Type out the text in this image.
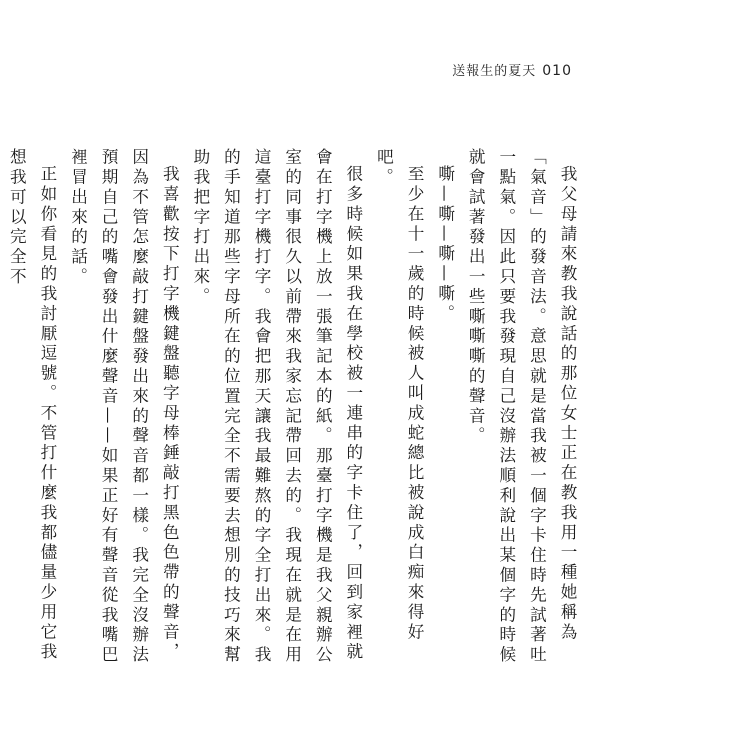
送報生的夏天 010

我父母請來教我說話的那位女士正在教我用一種她稱為「氣音」的發音法。意思就是當我被一個字卡住時先試著吐一點氣。因此只要我發現自己沒辦法順利說出某個字的時候就會試著發出一些嘶嘶嘶的聲音。

嘶—嘶—嘶—嘶。

至少在十一歲的時候被人叫成蛇總比被說成白痴來得好吧。

很多時候如果我在學校被一連串的字卡住了，回到家裡就會在打字機上放一張筆記本的紙。那臺打字機是我父親辦公室的同事很久以前帶來我家忘記帶回去的。我現在就是在用這臺打字機打字。我會把那天讓我最難熬的字全打出來。我的手知道那些字母所在的位置完全不需要去想別的技巧來幫助我把字打出來。

我喜歡按下打字機鍵盤聽字母棒錘敲打黑色色帶的聲音，因為不管怎麼敲打鍵盤發出來的聲音都一樣。我完全沒辦法預期自己的嘴會發出什麼聲音——如果正好有聲音從我嘴巴裡冒出來的話。

正如你看見的我討厭逗號。不管打什麼我都儘量少用它我想我可以完全不
